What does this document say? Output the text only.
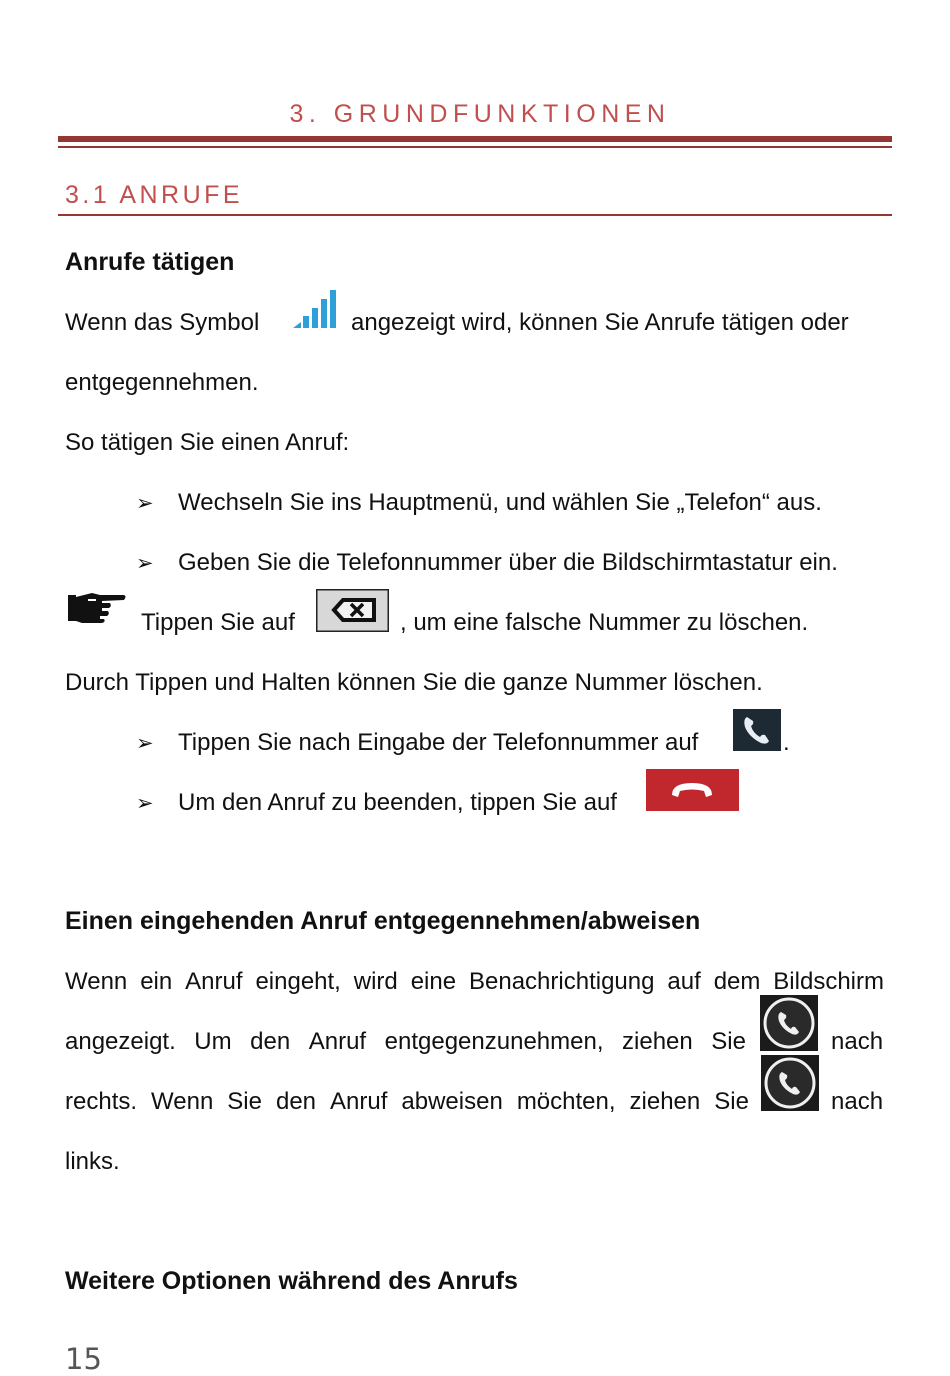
3. GRUNDFUNKTIONEN
3.1 ANRUFE
Anrufe tätigen
Wenn das Symbol	angezeigt wird, können Sie Anrufe tätigen oder
entgegennehmen.
So tätigen Sie einen Anruf:
➢ Wechseln Sie ins Hauptmenü, und wählen Sie „Telefon“ aus.
➢ Geben Sie die Telefonnummer über die Bildschirmtastatur ein.
Tippen Sie auf	, um eine falsche Nummer zu löschen.
Durch Tippen und Halten können Sie die ganze Nummer löschen.
➢ Tippen Sie nach Eingabe der Telefonnummer auf	.
➢ Um den Anruf zu beenden, tippen Sie auf
Einen eingehenden Anruf entgegennehmen/abweisen
Wenn ein Anruf eingeht, wird eine Benachrichtigung auf dem Bildschirm
angezeigt. Um den Anruf entgegenzunehmen, ziehen Sie	nach
rechts. Wenn Sie den Anruf abweisen möchten, ziehen Sie	nach
links.
Weitere Optionen während des Anrufs
15
